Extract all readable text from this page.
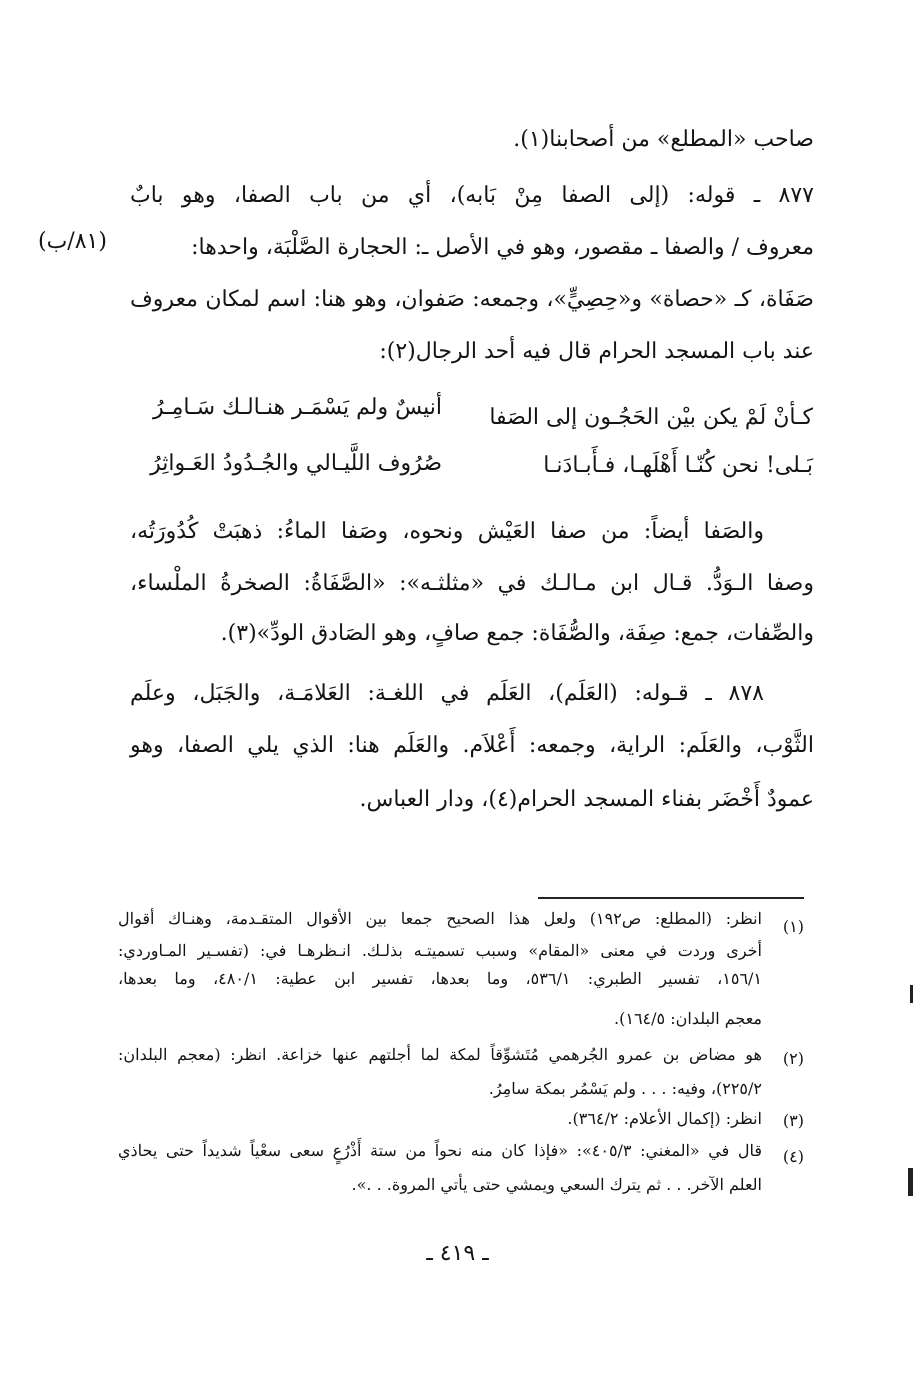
صاحب «المطلع» من أصحابنا(١).
٨٧٧ ـ قوله: (إلى الصفا مِنْ بَابه)، أي من باب الصفا، وهو بابٌ
معروف / والصفا ـ مقصور، وهو في الأصل ـ: الحجارة الصَّلْبَة، واحدها:
(٨١/ب)
صَفَاة، كـ «حصاة» و«حِصِيٍّ»، وجمعه: صَفوان، وهو هنا: اسم لمكان معروف
عند باب المسجد الحرام قال فيه أحد الرجال(٢):
كـأنْ لَمْ يكن بيْن الحَجُـون إلى الصَفا
أنيسٌ ولم يَسْمَـر هنـالـك سَـامِـرُ
بَـلى! نحن كُنّـا أَهْلَهـا، فـأَبـادَنـا
صُرُوف اللَّيـالي والجُـدُودُ العَـواثِرُ
والصَفا أيضاً: من صفا العَيْش ونحوه، وصَفا الماءُ: ذهبَتْ كُدُورَتُه،
وصفا الـوَدُّ. قـال ابن مـالـك في «مثلثـه»: «الصَّفَاةُ: الصخرةُ الملْساء،
والصِّفات، جمع: صِفَة، والصُّفَاة: جمع صافٍ، وهو الصَادق الودِّ»(٣).
٨٧٨ ـ قـوله: (العَلَم)، العَلَم في اللغـة: العَلامَـة، والجَبَل، وعلَم
الثَّوْب، والعَلَم: الراية، وجمعه: أَعْلاَم. والعَلَم هنا: الذي يلي الصفا، وهو
عمودٌ أَخْضَر بفناء المسجد الحرام(٤)، ودار العباس.
(١)
انظر: (المطلع: ص١٩٢) ولعل هذا الصحيح جمعا بين الأقوال المتقـدمة، وهنـاك أقوال
أخرى وردت في معنى «المقام» وسبب تسميتـه بذلـك. انـظرهـا في: (تفسـير المـاوردي:
١٥٦/١، تفسير الطبري: ٥٣٦/١، وما بعدها، تفسير ابن عطية: ٤٨٠/١، وما بعدها،
معجم البلدان: ١٦٤/٥).
(٢)
هو مضاض بن عمرو الجُرهمي مُتَشوِّقاً لمكة لما أجلتهم عنها خزاعة. انظر: (معجم البلدان:
٢٢٥/٢)، وفيه: . . . ولم يَسْمُر بمكة سامِرُ.
(٣)
انظر: (إكمال الأعلام: ٣٦٤/٢).
(٤)
قال في «المغني: ٤٠٥/٣»: «فإذا كان منه نحواً من ستة أَذْرُعٍ سعى سعْياً شديداً حتى يحاذي
العلم الآخر. . . ثم يترك السعي ويمشي حتى يأتي المروة. . .».
ـ ٤١٩ ـ
